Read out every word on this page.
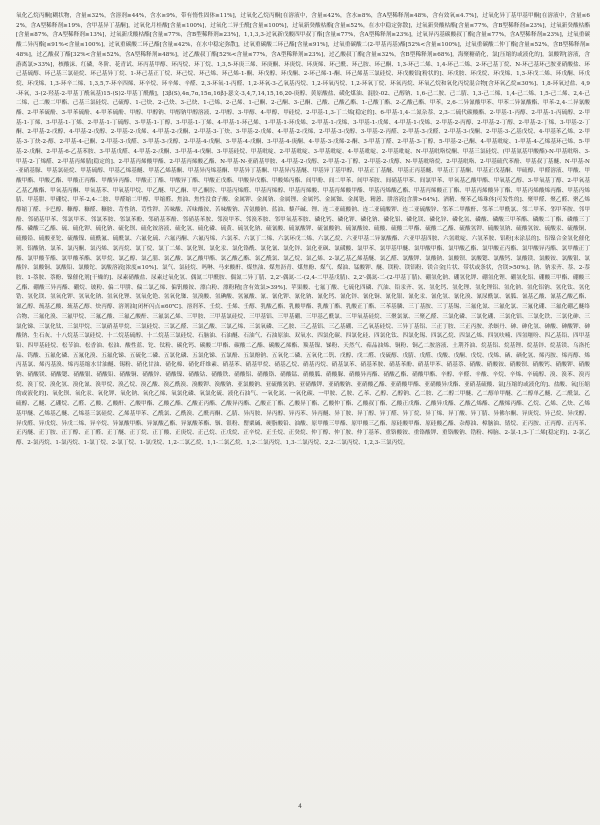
氧化乙烷丙酮[糊状物，含量≤32%，含溶剂≥44%，含水≥9%，带有惰性固体≥11%]，过氧化乙烷丙酮[在溶液中，含量≤42%，含水≥8%，含A型稀释剂≥48%，含有效氧≤4.7%]，过氧化异丁基甲基甲酮[在溶液中，含量≤62%，含A型稀释剂≥19%，含甲基异丁基酮]，过氧化月桂酸[含量≤100%]，过氧化二异壬酰[含量≤100%]，过氧新癸酸枯酯[含量≤52%，在水中稳定弥散]，过氧新癸酸枯酯[含量≤77%，含B型稀释剂≥23%]，过氧新癸酸枯酯[含量≤87%，含A型稀释剂≥13%]，过氧新戊酸枯酯[含量≤77%，含B型稀释剂≥23%]，1,1,3,3-过氧新戊酸四甲叔丁酯[含量≤77%，含A型稀释剂≥23%]，过氧异丙基碳酸叔丁酯[含量≤77%，含A型稀释剂≥23%]，过氧重碳酸二异丙酯[≤91%<含量≤100%]，过氧重碳酸二环己酯[含量≤42%，在水中稳定弥散]，过氧重碳酸二环己酯[含量≤91%]，过氧重碳酸二(2-甲基丙基)酯[52%<含量≤100%]，过氧重碳酸二仲丁酯[含量≤52%，含B型稀释剂≥48%]，过乙酸叔丁酯[32%<含量≤52%，含A型稀释剂≥48%]，过乙酸叔丁酯[52%<含量≤77%，含A型稀释剂≥23%]，过乙酸叔丁酯[含量≤32%，含B型稀释剂≥68%]，海聚糖硝化，氯[压缩的或液化的]，氯酸钾[溶液，含游离氯>33%]，核酸沫、红磷，冬阶、花青试、环丙基甲醇、环丙烷、环丁烷、1,3,5-环庚三烯、环庚酮、环庚烷、环庚烯、环己酰、环己胺、环己酮、1,3-环己二烯、1,4-环己二烯、2-环己基丁烷、N-环己基环己胺亚硝酸盐、环己基硫醇、环己基三氯硅烷、环己基异丁烷、1-环己基正丁烷、环己烷、环己烯、环己烯-1-酮、环戊醇、环戊酮、2-环己烯-1-酮、环己烯基三氯硅烷、环戊酸铝[粉状的]、环戊胺、环戊烷、环戊烯、1,3-环戊二烯、环戊酮、环戊烷、环戊烯、1,3-环辛二烯、1,3,5,7-环辛四烯、环辛烷、环辛烯、辛醛、2,3-环氧-1-丙醛、1,2-环氧-3-乙氧基丙烷、1,2-环氧丙烷、1,2-环氧丁烷、环氧丙烷、环氧乙烷和氧化丙烷混合物[含环氧乙烷≤30%]、1,8-环氧过盐、4,9-环氧，3-(2-羟基-2-甲基丁酰氧基)15-(S)2-甲基丁酰酸]，[3β(S),4α,7α,15α,16β]-瑟文-3,4,7,14,15,16,20-庚醇、黄原酸盐、磺化煤油、混胶-02、己醇钠、1,6-己二胺、己二腈、1,3-己二烯、1,4-己二烯、1,5-己二烯、2,4-己二烯、己二酸二甲酯、己基三氯硅烷、己硫醇、1-己炔、2-己炔、3-己炔、1-己烯、2-己烯、1-己酮、2-己酮、3-己酮、己酸、己酸乙酯、1-己酸丁酯、2-乙酸己酯、甲苯，2,6-二异氰酸甲苯、甲苯二异氰酸酯、甲苯-2,4-二异氰酸酯、2-甲苯硫酚、3-甲苯硫酚、4-甲苯硫酚、甲醇、甲醇钠、甲醇钠甲醇溶液、2-甲醇、3-甲醇、4-甲醇、甲硅烷、2-甲基-1,3-丁二烯[稳定的]、6-甲基-1,4-二氮杂萘、2,3-二硫代碳酸酯、2-甲基-1-丙醇、2-甲基-1-丙硫醇、2-甲基-1-丁烯、3-甲基-1-丁烯、2-甲基-1-丁硫醇、3-甲基-1-丁醇、3-甲基-1-丁烯、4-甲基-1-环己烯、1-甲基-1-环戊烯、2-甲基-1-戊烯、3-甲基-1-戊烯、4-甲基-1-戊烯、2-甲基-2-丙醇、2-甲基-2-丁醇、2-甲基-2-丁烯、3-甲基-2-丁酮、2-甲基-2-戊醇、4-甲基-2-戊醇、2-甲基-2-戊烯、4-甲基-2-戊酮、2-甲基-3-丁炔、3-甲基-2-戊烯、4-甲基-2-戊烯、2-甲基-3-戊醇、3-甲基-2-丙醛、2-甲基-3-戊醛、2-甲基-3-戊酮、2-甲基-3-乙基戊烷、4-甲基苯乙烯、2-甲基-3-丁炔-2-醇、2-甲基-4-己酮、2-甲基-3-戊醛、3-甲基-3-戊醇、2-甲基-4-戊酮、3-甲基-4-戊酮、3-甲基-4-庚酮、4-甲基-3-戊烯-2-酮、3-甲基丁醛、2-甲基-3-丁醇、5-甲基-2-己酮、4-甲基吡啶、1-甲基-4-乙烯基环己烯、5-甲基-2-戊酮、2-甲基-6-乙基苯胺、3-甲基戊醛、4-甲基-2-戊酮、3-甲基-4-戊酮、3-甲基硅烷、甲基吡啶、2-甲基吡啶、3-甲基吡啶、4-甲基吡啶、2-甲基吡啶、N-甲基吡咯烷酮、甲基三氯硅烷、(甲基氨基甲酸酯)-N-甲基吡咯、3-甲基-2-丁烯醛、2-甲基丙烯腈[稳定的]、2-甲基丙烯酸甲酯、2-甲基丙烯酸乙酯、N-甲基-N-亚硝基甲胺、4-甲基-2-戊醇、2-甲基-2-丁醇、2-甲基-2-戊醇、N-甲基吡咯烷、2-甲基吡咯、2-甲基硫代苯酚、甲基叔丁基醚、N-甲基-N-亚硝基脲、甲基氯硅烷、甲基硫醇、甲基乙烯基醚、甲基乙烯基酮、甲基异丙烯基酮、甲基异丁基酮、甲基异丙基醚、甲基异丁基甲醇、甲基正丁基醚、甲基正丙基醚、甲基正丁基酮、甲基正戊基酮、甲硫醇、甲醛溶液、甲酸、甲酸甲酯、甲酸乙酯、甲酸正丙酯、甲酸异丙酯、甲酸正丁酯、甲酸异丁酯、甲酸正戊酯、甲酸异戊酯、甲酸烯丙酯、间甲酚、间二甲苯、间甲苯胺、间硝基甲苯、间氯甲苯、甲氧基乙酸甲酯、甲氧基乙醇、3-甲氧基丁醇、2-甲氧基乙基乙酸酯、甲氧基丙酮、甲氧基苯、甲氧基甲烷、甲乙醚、甲乙酮、甲乙酮肟、甲基丙烯醛、甲基丙烯醇、甲基丙烯酸、甲基丙烯酸甲酯、甲基丙烯酸乙酯、甲基丙烯酸正丁酯、甲基丙烯酸异丁酯、甲基丙烯酸烯丙酯、甲基丙烯腈、甲基肼、甲硼烷、甲苯-2,4-二胺、甲醛缩二甲醇、甲缩醛、焦油、焦性没食子酸、金属钾、金属钠、金属锂、金属钙、金属铷、金属铯、精蒽、肼溶液[含肼>64%]、酒精、聚苯乙烯珠体[可发性的]、聚甲醛、聚乙醛、聚乙烯醇缩丁醛、卡巴醇、糠醇、糠醛、糠胺、苛性钠、苛性钾、苦味酸、苦味酸铵、苦味酸钠、苦氨酸钠、蓝油、藜芦碱、锂、连二亚硫酸钠、连二亚硫酸钾、连二亚硫酸锌、邻苯二甲酸酐、邻苯二甲酰氯、邻二甲苯、邻甲苯胺、邻甲酚、邻硝基甲苯、邻氯甲苯、邻氯苯胺、邻氯苯酚、邻硝基苯酚、邻硝基苯胺、邻溴甲苯、邻溴苯胺、邻甲氧基苯胺、磷化钙、磷化钾、磷化钠、磷化铝、磷化镁、磷化锌、磷化氢、磷酸、磷酸三甲苯酯、磷酸二丁酯、磷酸三丁酯、磷酸三乙酯、硫、硫化钾、硫化钠、硫化钡、硫化铵溶液、硫化氢、硫化磷、硫黄、硫氢化钠、硫氰酸、硫氰酸钾、硫氰酸钠、硫氰酸铵、硫酸、硫酸二甲酯、硫酸二乙酯、硫酸氢钾、硫酸氢钠、硫酸氢铵、硫酸汞、硫酸铜、硫酸铅、硫酸亚铊、硫酸镍、硫酰氟、硫酰氯、六氟化硫、六氟丙酮、六氟丙烯、六氯苯、六氯丁二烯、六氯环戊二烯、六氯乙烷、六亚甲基二异氰酸酯、六亚甲基四胺、六氢吡啶、六氢苯胺、铝粉[未涂层的]、铝镍合金氢化催化剂、铝酸钠、氯苯、氯丙酮、氯丙烯、氯丙烷、氯丁烷、氯丁二烯、氯化钡、氯化汞、氯化铬酰、氯化氰、氯化锌、氯化亚砜、氯磺酸、氯甲苯、氯甲基甲醚、氯甲酸甲酯、氯甲酸乙酯、氯甲酸正丙酯、氯甲酸异丙酯、氯甲酸正丁酯、氯甲酸苄酯、氯甲酸苯酯、氯甲烷、氯乙醇、氯乙腈、氯乙酸、氯乙酸甲酯、氯乙酸乙酯、氯乙酰氯、氯乙烷、氯乙烯、2-氯乙基乙烯基醚、氯乙醛、氯酸钾、氯酸钠、氯酸钡、氯酸锶、氯酸钙、氯酸镁、氯酸铵、氯酸银、氯酸锌、氯酸铜、氯酸铅、氯酸铊、氯酸溶液[浓度≤10%]、氯气、氯硅烷、吗啉、马来酸酐、煤焦油、煤焦沥青、煤焦酚、煤气、煤油、锰酸钾、醚、镁粉、镁铝粉、镁合金[片状、带状或条状，含镁>50%]、钠、钠汞齐、萘、2-萘胺、1-萘胺、萘酚、镍催化剂[干燥的]、尿素硝酸盐、尿素过氧化氢、偶氮二甲酰胺、偶氮二异丁腈、2,2'-偶氮-二-(2,4-二甲基戊腈)、2,2'-偶氮-二-(2-甲基丁腈)、硼氢化钠、硼氢化钾、硼氢化锂、硼氢化铝、硼酸三甲酯、硼酸三乙酯、硼酸三异丙酯、硼烷、铍粉、偏二甲肼、偏二氯乙烯、偏钒酸铵、漂白粉、漂粉精[含有效氯>39%]、苹果酸、七氟丁酸、七硫化四磷、汽油、铅汞齐、氢、氢化钙、氢化锂、氢化锂铝、氢化钠、氢化铝钠、氢化钛、氢化锆、氢化镁、氢氧化钾、氢氧化钠、氢氧化锂、氢氧化铯、氢氧化铷、氢溴酸、氢碘酸、氢氟酸、氰、氰化钾、氰化钠、氰化钙、氰化锌、氰化铜、氰化银、氰化汞、氰化氢、氰化溴、氰尿酰氯、氰胍、氰基乙酸、氰基乙酸乙酯、氰乙醇、巯基乙酸、巯基乙醇、炔丙醇、溶剂油[闭杯闪点≤60℃]、溶剂苯、壬烷、壬烯、壬醇、乳酸乙酯、乳酸甲酯、乳酸丁酯、乳酸正丁酯、三苯基膦、三丁基胺、三丁基锡、三氟化氮、三氟化氯、三氟化硼、三氟化硼乙醚络合物、三氟化溴、三氟甲烷、三氟乙酸、三氟乙酸酐、三氟氯乙烯、三甲胺、三甲基氯硅烷、三甲基铝、三甲基硼、三甲基乙酰氯、三甲氧基硅烷、三聚氯氰、三聚乙醛、三氯化磷、三氯化硼、三氯化铝、三氯化铁、三氯化砷、三氯化锑、三氯化钛、三氯甲烷、三氯硝基甲烷、三氯硅烷、三氯乙醛、三氯乙酸、三氯乙烯、三氯氧磷、三乙胺、三乙基铝、三乙基硼、三乙氧基硅烷、三异丁基铝、三正丁胺、三正丙胺、杀螟丹、砷、砷化氢、砷酸、砷酸钾、砷酸钠、生石灰、十八烷基三氯硅烷、十二烷基硫醇、十二烷基三氯硅烷、石脑油、石油醚、石油气、石油原油、双氧水、四氯化碳、四氯化硅、四氯化钛、四氯化锡、四氯乙烷、四氯乙烯、四氢呋喃、四氢噻吩、四乙基铅、四甲基铅、四甲基硅烷、松节油、松香油、松油、酸性蓝、铊、钛粉、碳化钙、碳酸二甲酯、碳酸二乙酯、碳酸乙烯酯、羰基镍、锑粉、天然气、萜品油烯、铜粉、铜乙二胺溶液、土荆芥油、烷基铝、烷基锂、烷基锌、烷基镁、乌洛托品、钨酸、五氟化磷、五氟化溴、五氟化锑、五硫化二磷、五氯化磷、五氯化锑、五氯酚、五氯酚钠、五氧化二磷、五氧化二钒、戊醇、戊二醛、戊硫醇、戊腈、戊醛、戊酸、戊酮、戊烷、戊烯、硒、硒化氢、烯丙胺、烯丙醇、烯丙基氯、烯丙基溴、烯丙基缩水甘油醚、锡粉、硝化甘油、硝化棉、硝化纤维素、硝基苯、硝基甲烷、硝基乙烷、硝基丙烷、硝基氯苯、硝基苯胺、硝基苯酚、硝基甲苯、硝基萘、硝酸、硝酸铵、硝酸钡、硝酸钙、硝酸钾、硝酸钠、硝酸镁、硝酸锶、硝酸银、硝酸铅、硝酸铜、硝酸锌、硝酸镍、硝酸钴、硝酸铁、硝酸铝、硝酸铬、硝酸锰、硝酸胍、硝酸脲、硝酸异丙酯、硝酸乙酯、硝酸甲酯、辛醇、辛醛、辛酸、辛烷、辛烯、辛硫醇、溴、溴苯、溴丙烷、溴丁烷、溴化氢、溴化氰、溴甲烷、溴乙烷、溴乙酸、溴乙酰溴、溴酸钾、溴酸钠、亚氯酸钠、亚硫酸氢钠、亚硝酸钾、亚硝酸钠、亚硝酸乙酯、亚硝酸甲酯、亚硝酸异戊酯、亚硝基硫酸、氩[压缩的或液化的]、盐酸、氧[压缩的或液化的]、氧化钡、氧化汞、氧化钾、氧化钠、氧化乙烯、氧氯化磷、氧氯化硫、液化石油气、一氧化氮、一氧化碳、一甲胺、乙胺、乙苯、乙醇、乙醇钠、乙二胺、乙二醇二甲醚、乙二醇单甲醚、乙二醇单乙醚、乙二酰氯、乙硫醇、乙醚、乙硼烷、乙醛、乙酸、乙酸酐、乙酸甲酯、乙酸乙酯、乙酸正丙酯、乙酸异丙酯、乙酸正丁酯、乙酸异丁酯、乙酸仲丁酯、乙酸叔丁酯、乙酸正戊酯、乙酸异戊酯、乙酸乙烯酯、乙酸烯丙酯、乙烷、乙烯、乙炔、乙烯基甲醚、乙烯基乙醚、乙烯基三氯硅烷、乙烯基甲苯、乙酰氯、乙酰溴、乙酰丙酮、乙腈、异丙胺、异丙醇、异丙苯、异丙醚、异丁胺、异丁醇、异丁醛、异丁烷、异丁烯、异丁酸、异丁腈、异佛尔酮、异庚烷、异己烷、异戊醇、异戊醛、异戊烷、异戊二烯、异辛烷、异氰酸甲酯、异氰酸乙酯、异氰酸苯酯、铟、银粉、罂粟碱、硬脂酸铅、油酸、原甲酸三甲酯、原甲酸三乙酯、原硅酸甲酯、原硅酸乙酯、杂醇油、樟脑油、锗烷、正丙胺、正丙醇、正丙苯、正丙醚、正丁胺、正丁醇、正丁醛、正丁醚、正丁烷、正丁酸、正庚烷、正己烷、正戊烷、正辛烷、正壬烷、正癸烷、仲丁醇、仲丁胺、仲丁基苯、重铬酸铵、重铬酸钾、重铬酸钠、锆粉、樟脑、2-氯-1,3-丁二烯[稳定的]、2-氯乙醇、2-氯丙烷、1-氯丙烷、1-氯丁烷、2-氯丁烷、1-氯戊烷、1,2-二氯乙烷、1,1-二氯乙烷、1,2-二氯丙烷、1,3-二氯丙烷、2,2-二氯丙烷、1,2,3-三氯丙烷。

4
